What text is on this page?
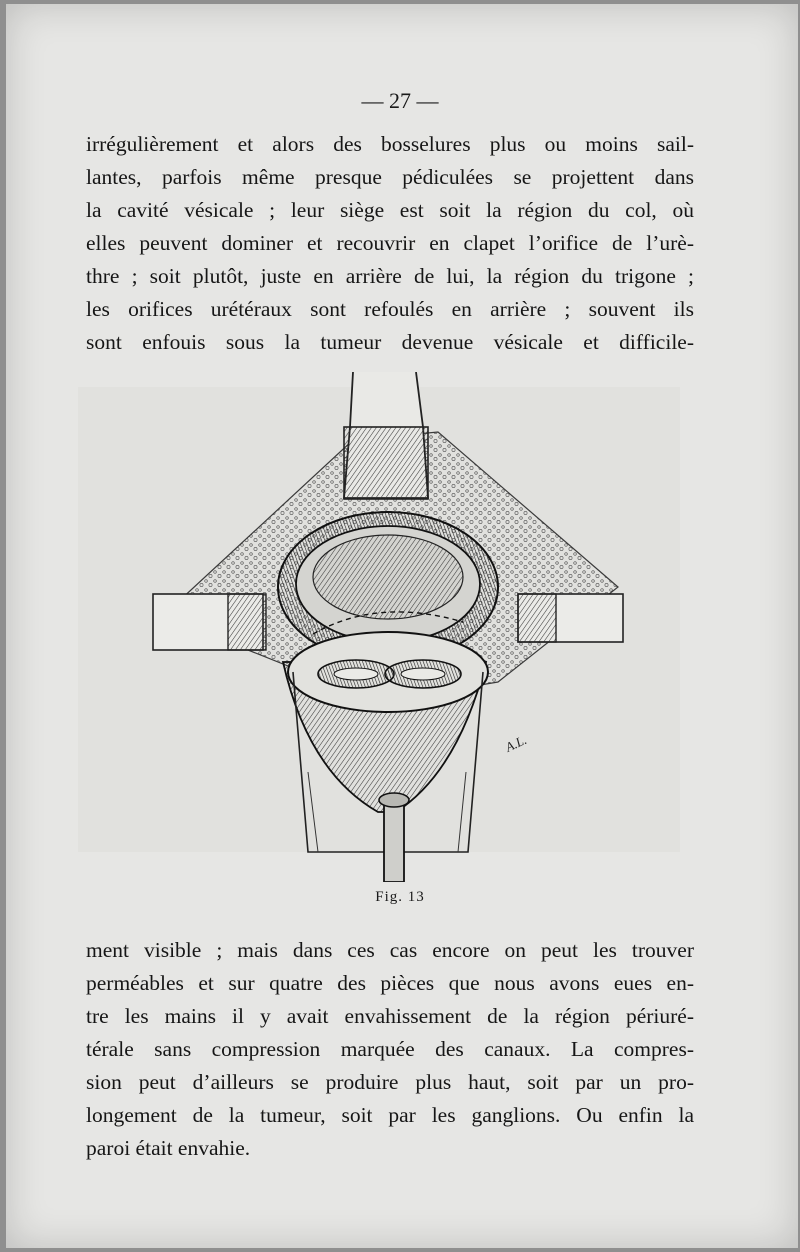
— 27 —
irrégulièrement et alors des bosselures plus ou moins sail-
lantes, parfois même presque pédiculées se projettent dans
la cavité vésicale ; leur siège est soit la région du col, où
elles peuvent dominer et recouvrir en clapet l’orifice de l’urè-
thre ; soit plutôt, juste en arrière de lui, la région du trigone ;
les orifices urétéraux sont refoulés en arrière ; souvent ils
sont enfouis sous la tumeur devenue vésicale et difficile-
A.L.
Fig. 13
ment visible ; mais dans ces cas encore on peut les trouver
perméables et sur quatre des pièces que nous avons eues en-
tre les mains il y avait envahissement de la région périuré-
térale sans compression marquée des canaux. La compres-
sion peut d’ailleurs se produire plus haut, soit par un pro-
longement de la tumeur, soit par les ganglions. Ou enfin la
paroi était envahie.
